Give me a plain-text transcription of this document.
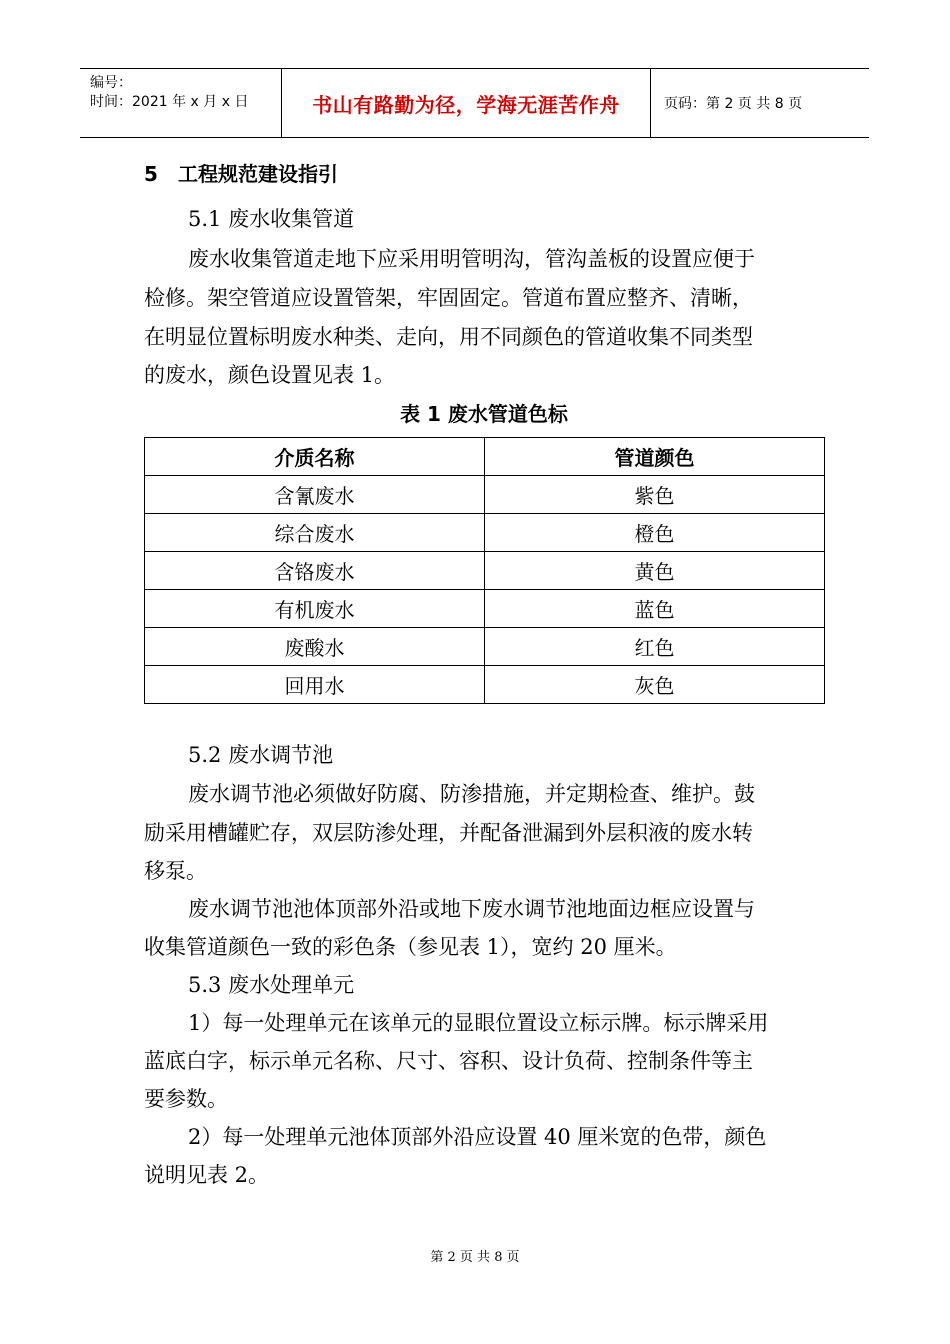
编号：
时间：2021 年 x 月 x 日	书山有路勤为径，学海无涯苦作舟	页码：第 2 页 共 8 页
5 工程规范建设指引
5.1 废水收集管道
废水收集管道走地下应采用明管明沟，管沟盖板的设置应便于
检修。架空管道应设置管架，牢固固定。管道布置应整齐、清晰，
在明显位置标明废水种类、走向，用不同颜色的管道收集不同类型
的废水，颜色设置见表 1。
表 1 废水管道色标
介质名称	管道颜色
含氰废水	紫色
综合废水	橙色
含铬废水	黄色
有机废水	蓝色
废酸水	红色
回用水	灰色
5.2 废水调节池
废水调节池必须做好防腐、防渗措施，并定期检查、维护。鼓
励采用槽罐贮存，双层防渗处理，并配备泄漏到外层积液的废水转
移泵。
废水调节池池体顶部外沿或地下废水调节池地面边框应设置与
收集管道颜色一致的彩色条（参见表 1），宽约 20 厘米。
5.3 废水处理单元
1）每一处理单元在该单元的显眼位置设立标示牌。标示牌采用
蓝底白字，标示单元名称、尺寸、容积、设计负荷、控制条件等主
要参数。
2）每一处理单元池体顶部外沿应设置 40 厘米宽的色带，颜色
说明见表 2。
第 2 页 共 8 页
